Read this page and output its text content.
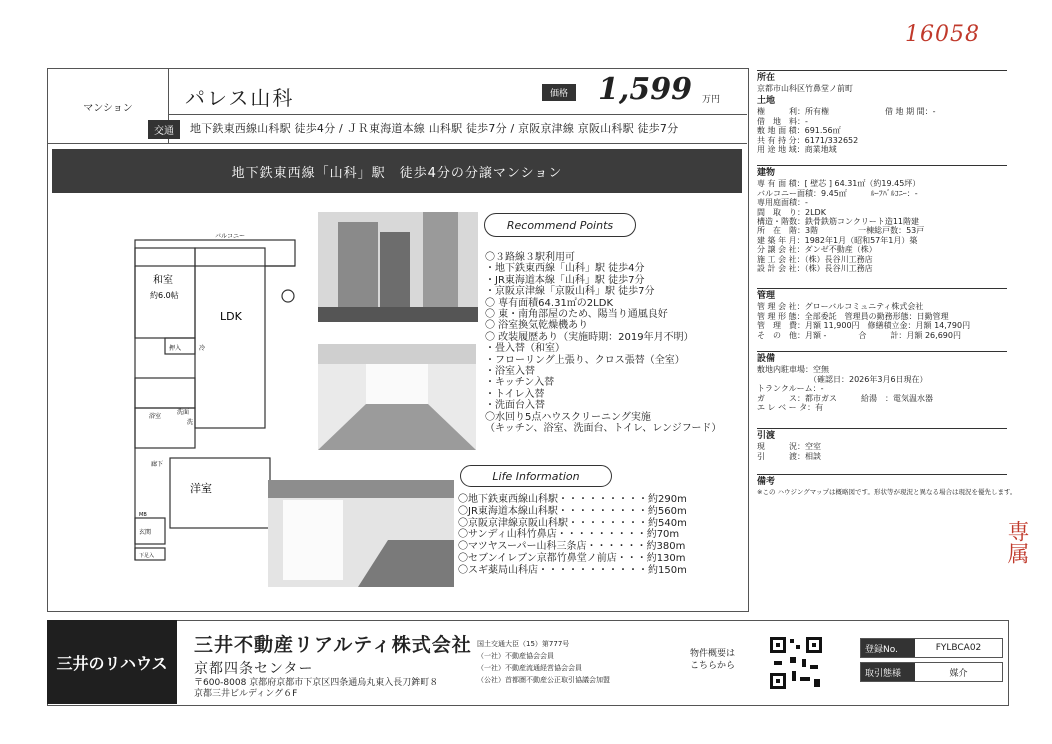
16058
専属
マンション	パレス山科	価格 1,599 万円
交通	地下鉄東西線山科駅 徒歩4分 / ＪＲ東海道本線 山科駅 徒歩7分 / 京阪京津線 京阪山科駅 徒歩7分
地下鉄東西線「山科」駅　徒歩4分の分譲マンション
バルコニー
和室
約6.0帖
LDK
押入	冷
浴室
洗面
洗
廊下
洋室
MB
玄関
下足入
Recommend Points
〇３路線３駅利用可
・地下鉄東西線「山科」駅 徒歩4分
・JR東海道本線「山科」駅 徒歩7分
・京阪京津線「京阪山科」駅 徒歩7分
〇 専有面積64.31㎡の2LDK
〇 東・南角部屋のため、陽当り通風良好
〇 浴室換気乾燥機あり
〇 改装履歴あり（実施時期：2019年月不明）
・畳入替（和室）
・フローリング上張り、クロス張替（全室）
・浴室入替
・キッチン入替
・トイレ入替
・洗面台入替
〇水回り5点ハウスクリーニング実施
（キッチン、浴室、洗面台、トイレ、レンジフード）
Life Information
〇地下鉄東西線山科駅・・・・・・・・・約290m
〇JR東海道本線山科駅・・・・・・・・・約560m
〇京阪京津線京阪山科駅・・・・・・・・約540m
〇サンディ山科竹鼻店・・・・・・・・・約70m
〇マツヤスーパー山科三条店・・・・・・約380m
〇セブンイレブン京都竹鼻堂ノ前店・・・約130m
〇スギ薬局山科店・・・・・・・・・・・約150m
所在
京都市山科区竹鼻堂ノ前町
土地
権　　　利：所有権　　　　　　　借 地 期 間：-
借　地　料：-
敷 地 面 積：691.56㎡
共 有 持 分：6171/332652
用 途 地 域：商業地域
建物
専 有 面 積：[ 壁芯 ] 64.31㎡（約19.45坪）
バルコニー面積：9.45㎡　　　ﾙｰﾌﾊﾞﾙｺﾆｰ：-
専用庭面積：-
間　取　り：2LDK
構造・階数：鉄骨鉄筋コンクリート造11階建
所　在　階：3階　　　　　一棟総戸数：53戸
建 築 年 月：1982年1月（昭和57年1月）築
分 譲 会 社：ダンゼ不動産（株）
施 工 会 社：（株）長谷川工務店
設 計 会 社：（株）長谷川工務店
管理
管 理 会 社：グローバルコミュニティ株式会社
管 理 形 態：全部委託　管理員の勤務形態：日勤管理
管　理　費：月額 11,900円　修繕積立金：月額 14,790円
そ　の　他：月額 -　　　　合　　　計：月額 26,690円
設備
敷地内駐車場：空無
　　　　　　　（確認日：2026年3月6日現在）
トランクルーム：-
ガ　　　ス：都市ガス　　　給湯　：電気温水器
エ レ ベ ー タ：有
引渡
現　　　況：空室
引　　　渡：相談
備考
※この ハウジングマップは概略図です。形状等が現況と異なる場合は現況を優先します。
三井のリハウス
三井不動産リアルティ株式会社
京都四条センター
〒600-8008 京都府京都市下京区四条通烏丸東入長刀鉾町８
京都三井ビルディング６F
国土交通大臣（15）第777号
（一社）不動産協会会員
（一社）不動産流通経営協会会員
（公社）首都圏不動産公正取引協議会加盟
物件概要は
こちらから
登録No.	FYLBCA02
取引態様	媒介
